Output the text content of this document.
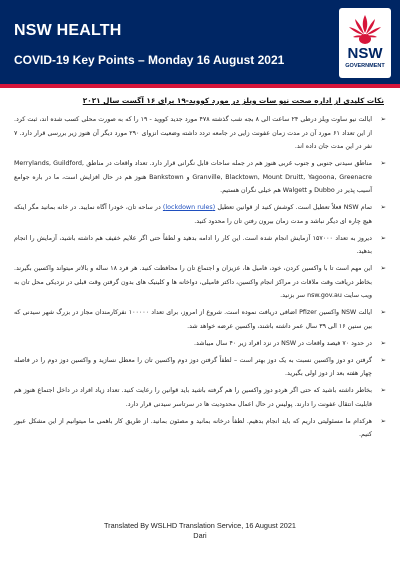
NSW HEALTH
COVID-19 Key Points – Monday 16 August 2021	NSW
GOVERNMENT
نکات کلیدی از اداره صحت نیو سات ویلز در مورد کووید-۱۹ برای ۱۶ آگست سال ۲۰۲۱
➢
ایالت نیو ساوت ویلز درطی ۲۴ ساعت الی ۸ بجه شب گذشته ۴۷۸ مورد جدید کووید - ۱۹ را که به صورت محلی کسب شده اند، ثبت کرد. از این تعداد ۶۱ مورد آن در مدت زمان عفونت زایی در جامعه تردد داشته وضعیت انزوای ۲۹۰ مورد دیگر آن هنوز زیر بررسی قرار دارد. ۷ نفر در این مدت جان داده اند.
➢
مناطق سیدنی جنوبی و جنوب غربی هنوز هم در جمله ساحات قابل نگرانی قرار دارد. تعداد واقعات در مناطق Merrylands, Guildford, Granville, Blacktown, Mount Druitt, Yagoona, Greenacre و Bankstown هنوز هم در حال افزایش است، ما در باره جوامع آسیب پذیر در Dubbo و Walgett هم خیلی نگران هستیم.
➢
تمام NSW فعلاً تعطیل است. کوشش کنید از قوانین تعطیل (lockdown rules) در ساحه تان، خودرا آگاه نمایید. در خانه بمانید مگر اینکه هیچ چاره ای دیگر نباشد و مدت زمان بیرون رفتن تان را محدود کنید.
➢
دیروز به تعداد ۱۵۷۰۰۰ آزمایش انجام شده است. این کار را ادامه بدهید و لطفاً حتی اگر علایم خفیف هم داشته باشید، آزمایش را انجام بدهید.
➢
این مهم است تا با واکسین کردن، خود، فامیل ها، عزیزان و اجتماع تان را محافظت کنید. هر فرد ۱۸ ساله و بالاتر میتواند واکسین بگیرند. بخاطر دریافت وقت ملاقات در مراکز انجام واکسین، داکتر فامیلی، دواخانه ها و کلینیک های بدون گرفتن وقت قبلی در نزدیکی محل تان به ویب سایت nsw.gov.au سر بزنید.
➢
ایالت NSW واکسین Pfizer اضافی دریافت نموده است. شروع از امروز، برای تعداد ۱۰۰۰۰۰ نفرکارمندان مجاز در بزرگ شهر سیدنی که بین سنین ۱۶ الی ۳۹ سال عمر داشته باشند، واکسین عرضه خواهد شد.
➢
در حدود ۷۰ فیصد واقعات در NSW در نزد افراد زیر ۴۰ سال میباشد.
➢
گرفتن دو دوز واکسین نسبت به یک دوز بهتر است – لطفاً گرفتن دوز دوم واکسین تان را معطل نسازید و واکسین دوز دوم را در فاصله چهار هفته بعد از دوز اولی بگیرید.
➢
بخاطر داشته باشید که حتی اگر هردو دوز واکسین را هم گرفته باشید باید قوانین را رعایت کنید. تعداد زیاد افراد در داخل اجتماع هنوز هم قابلیت انتقال عفونت را دارند. پولیس در حال اعمال محدودیت ها در سرتاسر سیدنی قرار دارد.
➢
هرکدام ما مسئولیتی داریم که باید انجام بدهیم. لطفاً درخانه بمانید و مصئون بمانید. از طریق کار باهمی ما میتوانیم از این مشکل عبور کنیم.
Translated By WSLHD Translation Service, 16 August 2021
Dari
